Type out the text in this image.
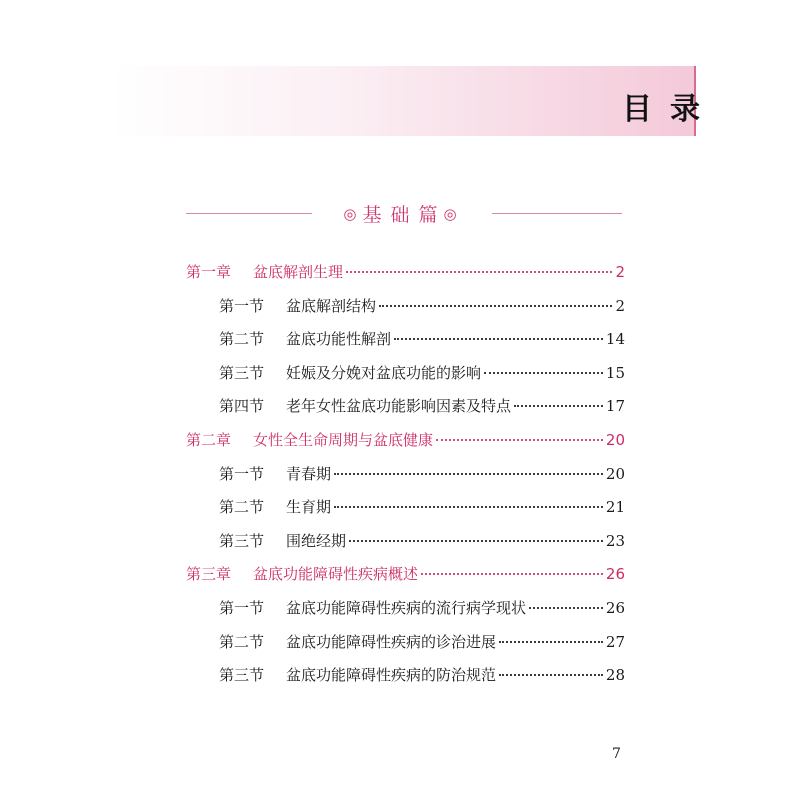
目录
◎ 基础篇◎
第一章	盆底解剖生理	2
第一节	盆底解剖结构	2
第二节	盆底功能性解剖	14
第三节	妊娠及分娩对盆底功能的影响	15
第四节	老年女性盆底功能影响因素及特点	17
第二章	女性全生命周期与盆底健康	20
第一节	青春期	20
第二节	生育期	21
第三节	围绝经期	23
第三章	盆底功能障碍性疾病概述	26
第一节	盆底功能障碍性疾病的流行病学现状	26
第二节	盆底功能障碍性疾病的诊治进展	27
第三节	盆底功能障碍性疾病的防治规范	28
7
